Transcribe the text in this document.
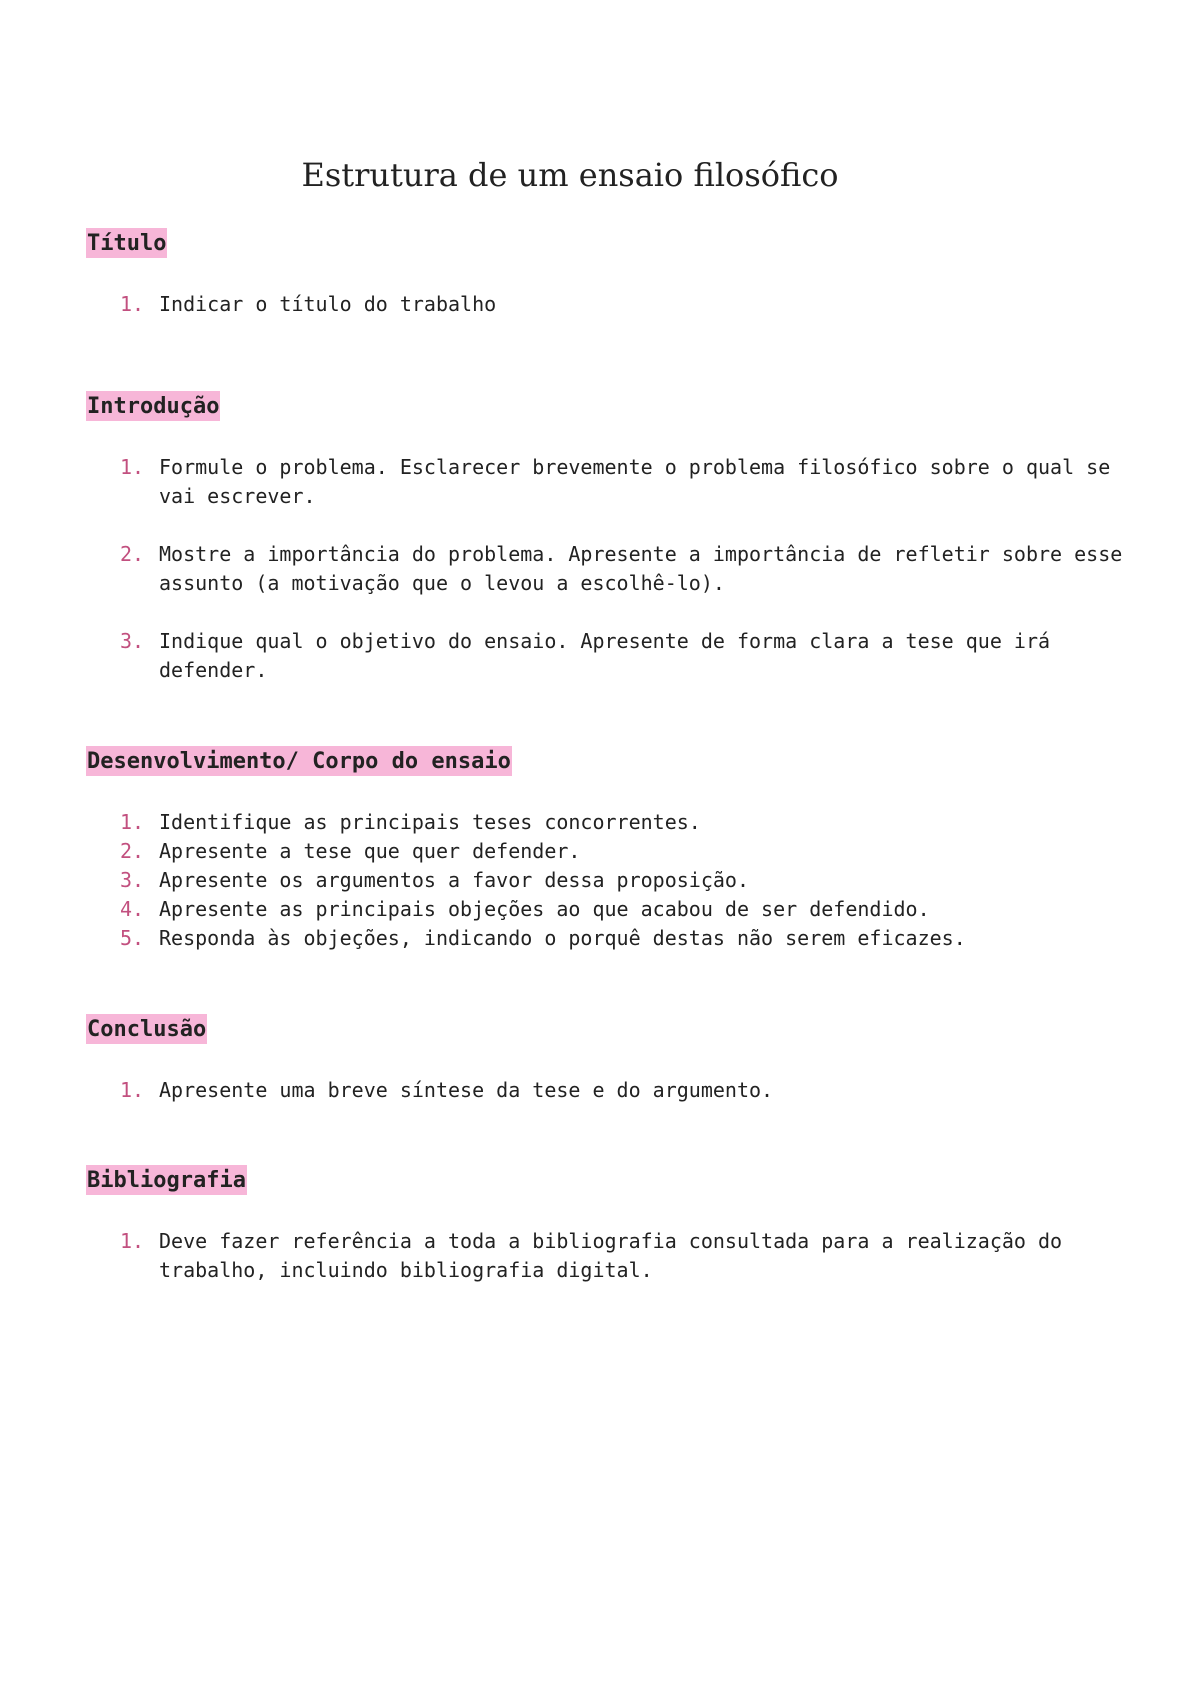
Estrutura de um ensaio filosófico
Título
1. Indicar o título do trabalho
Introdução
1. Formule o problema. Esclarecer brevemente o problema filosófico sobre o qual se vai escrever.
2. Mostre a importância do problema. Apresente a importância de refletir sobre esse assunto (a motivação que o levou a escolhê-lo).
3. Indique qual o objetivo do ensaio. Apresente de forma clara a tese que irá defender.
Desenvolvimento/ Corpo do ensaio
1. Identifique as principais teses concorrentes.
2. Apresente a tese que quer defender.
3. Apresente os argumentos a favor dessa proposição.
4. Apresente as principais objeções ao que acabou de ser defendido.
5. Responda às objeções, indicando o porquê destas não serem eficazes.
Conclusão
1. Apresente uma breve síntese da tese e do argumento.
Bibliografia
1. Deve fazer referência a toda a bibliografia consultada para a realização do trabalho, incluindo bibliografia digital.
